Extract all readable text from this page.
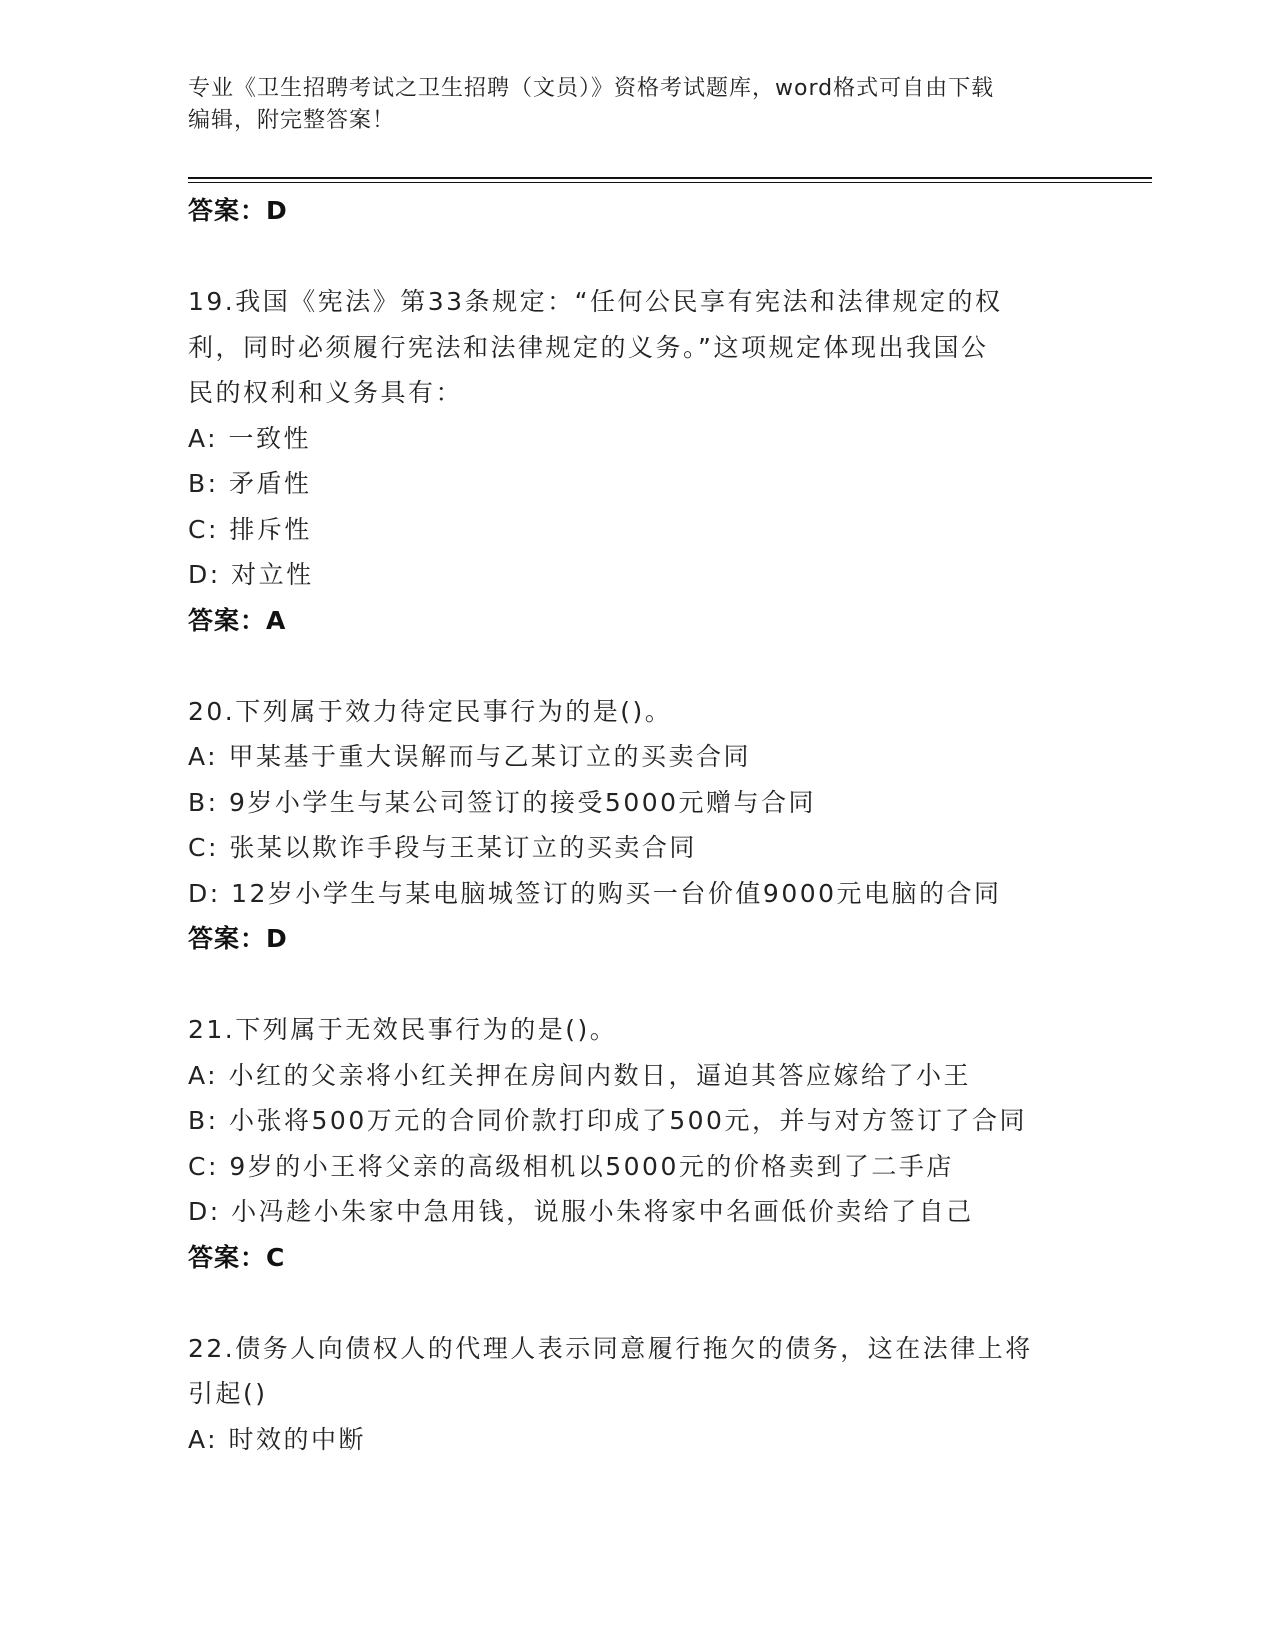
专业《卫生招聘考试之卫生招聘（文员）》资格考试题库，word格式可自由下载
编辑，附完整答案！
答案：D
19.我国《宪法》第33条规定：“任何公民享有宪法和法律规定的权
利，同时必须履行宪法和法律规定的义务。”这项规定体现出我国公
民的权利和义务具有：
A: 一致性
B: 矛盾性
C: 排斥性
D: 对立性
答案：A
20.下列属于效力待定民事行为的是()。
A: 甲某基于重大误解而与乙某订立的买卖合同
B: 9岁小学生与某公司签订的接受5000元赠与合同
C: 张某以欺诈手段与王某订立的买卖合同
D: 12岁小学生与某电脑城签订的购买一台价值9000元电脑的合同
答案：D
21.下列属于无效民事行为的是()。
A: 小红的父亲将小红关押在房间内数日，逼迫其答应嫁给了小王
B: 小张将500万元的合同价款打印成了500元，并与对方签订了合同
C: 9岁的小王将父亲的高级相机以5000元的价格卖到了二手店
D: 小冯趁小朱家中急用钱，说服小朱将家中名画低价卖给了自己
答案：C
22.债务人向债权人的代理人表示同意履行拖欠的债务，这在法律上将
引起()
A: 时效的中断
